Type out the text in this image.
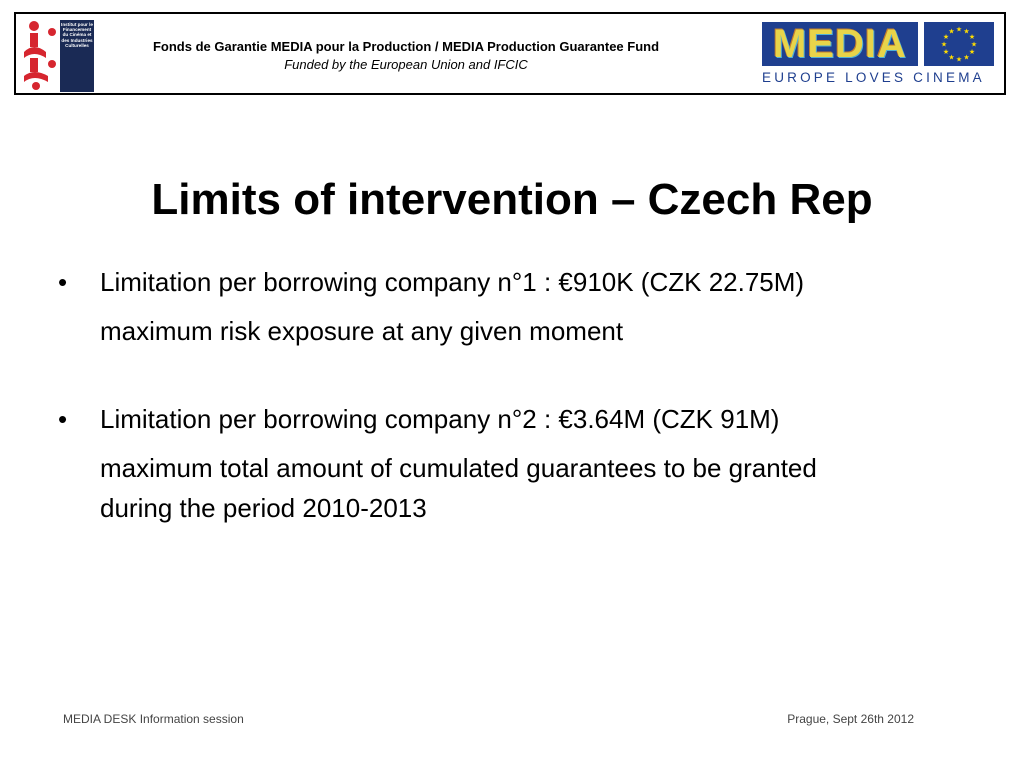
Institut pour le Financement du Cinéma et des Industries Culturelles	Fonds de Garantie MEDIA pour la Production / MEDIA Production Guarantee Fund
Funded by the European Union and IFCIC	MEDIA	★ ★
★
★
★
★
★
★
★
★
★
★
EUROPE LOVES CINEMA
Limits of intervention – Czech Rep
•	Limitation per borrowing company n°1 : €910K (CZK 22.75M)
maximum risk exposure at any given moment
•	Limitation per borrowing company n°2 : €3.64M (CZK 91M)
maximum total amount of cumulated guarantees to be granted during the period 2010-2013
MEDIA DESK Information session	Prague, Sept 26th 2012
